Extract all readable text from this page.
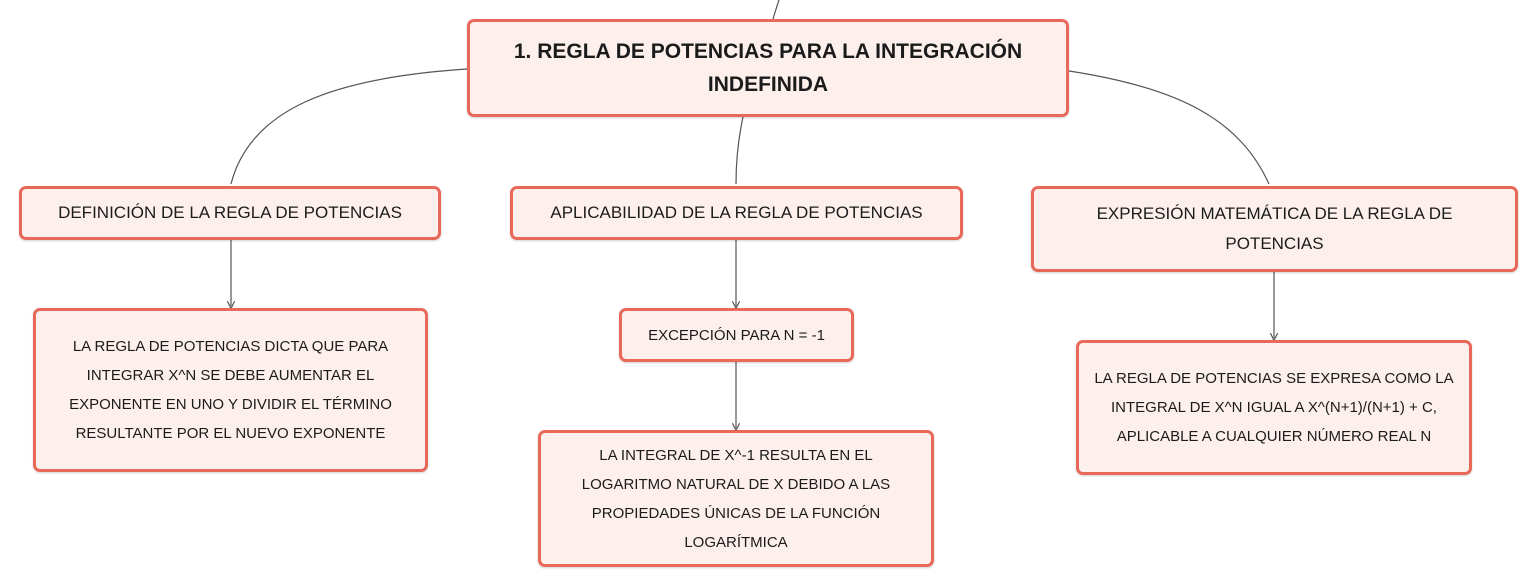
1. REGLA DE POTENCIAS PARA LA INTEGRACIÓN INDEFINIDA
DEFINICIÓN DE LA REGLA DE POTENCIAS	APLICABILIDAD DE LA REGLA DE POTENCIAS	EXPRESIÓN MATEMÁTICA DE LA REGLA DE POTENCIAS
LA REGLA DE POTENCIAS DICTA QUE PARA INTEGRAR X^N SE DEBE AUMENTAR EL EXPONENTE EN UNO Y DIVIDIR EL TÉRMINO RESULTANTE POR EL NUEVO EXPONENTE
EXCEPCIÓN PARA N = -1
LA INTEGRAL DE X^-1 RESULTA EN EL LOGARITMO NATURAL DE X DEBIDO A LAS PROPIEDADES ÚNICAS DE LA FUNCIÓN LOGARÍTMICA
LA REGLA DE POTENCIAS SE EXPRESA COMO LA INTEGRAL DE X^N IGUAL A X^(N+1)/(N+1) + C, APLICABLE A CUALQUIER NÚMERO REAL N
